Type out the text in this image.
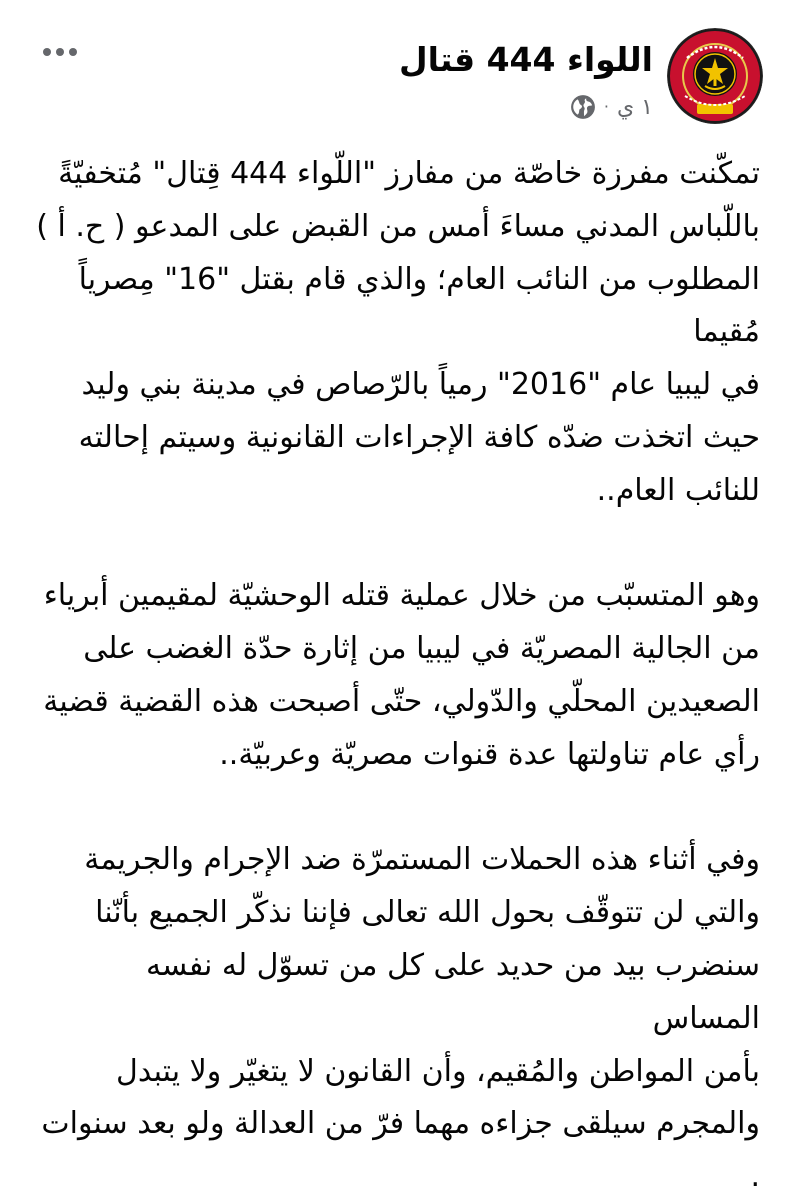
اللواء 444 قتال
١ ي
·

تمكّنت مفرزة خاصّة من مفارز "اللّواء 444 قِتال" مُتخفيّةً

باللّباس المدني مساءَ أمس من القبض على المدعو ( ح. أ )

المطلوب من النائب العام؛ والذي قام بقتل "16" مِصرياً مُقيما

في ليبيا عام "2016" رمياً بالرّصاص في مدينة بني وليد

حيث اتخذت ضدّه كافة الإجراءات القانونية وسيتم إحالته

للنائب العام..

وهو المتسبّب من خلال عملية قتله الوحشيّة لمقيمين أبرياء

من الجالية المصريّة في ليبيا من إثارة حدّة الغضب على

الصعيدين المحلّي والدّولي، حتّى أصبحت هذه القضية قضية

رأي عام تناولتها عدة قنوات مصريّة وعربيّة..

وفي أثناء هذه الحملات المستمرّة ضد الإجرام والجريمة

والتي لن تتوقّف بحول الله تعالى فإننا نذكّر الجميع بأنّنا

سنضرب بيد من حديد على كل من تسوّل له نفسه المساس

بأمن المواطن والمُقيم، وأن القانون لا يتغيّر ولا يتبدل

والمجرم سيلقى جزاءه مهما فرّ من العدالة ولو بعد سنوات .
